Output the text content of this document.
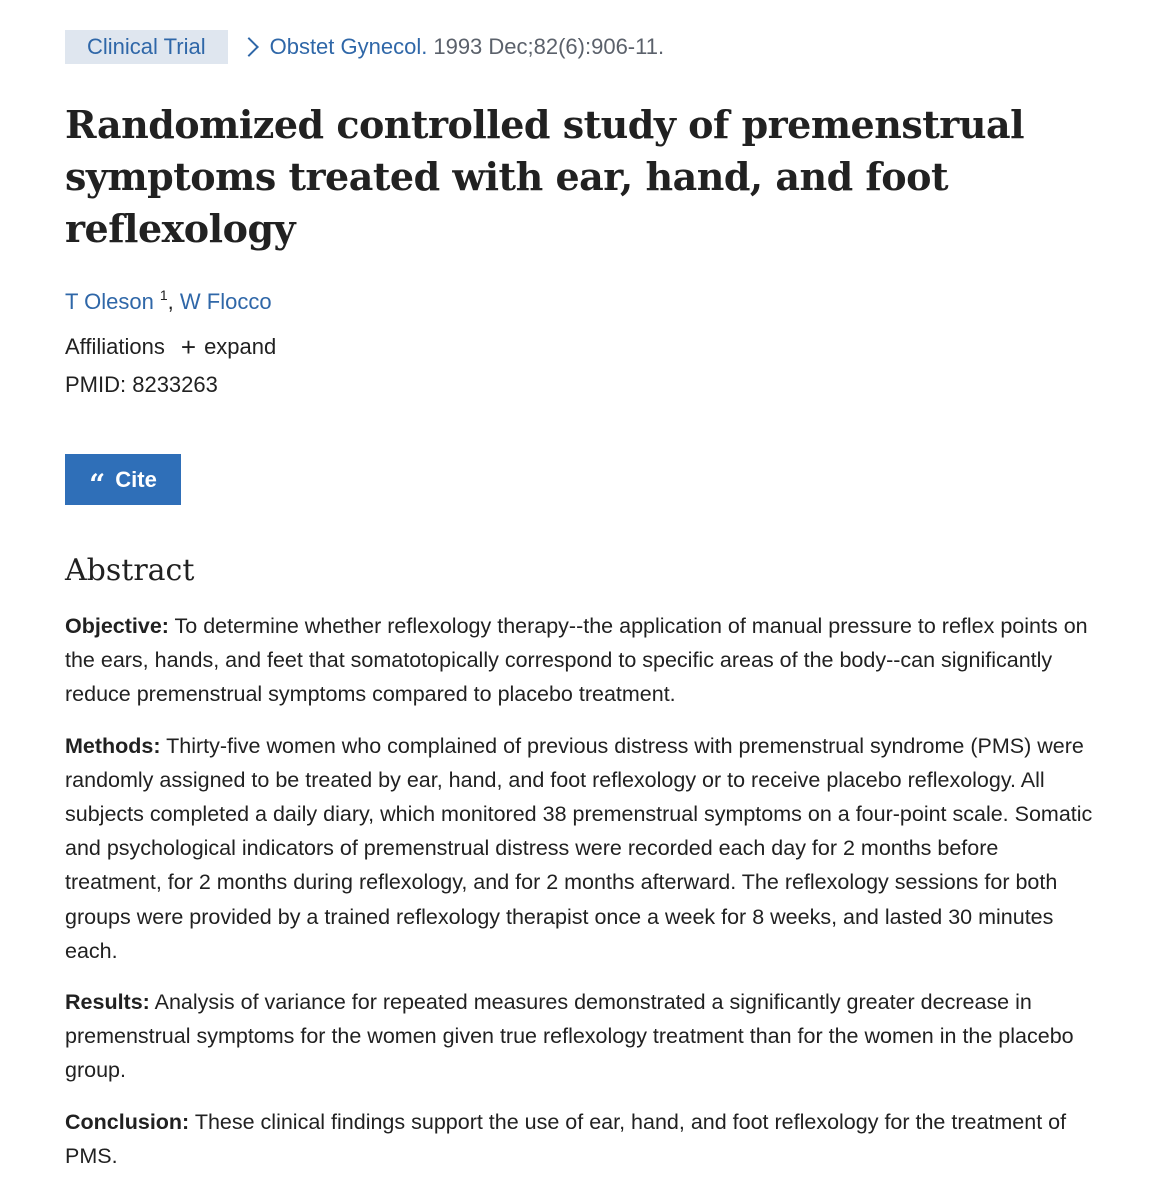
Clinical Trial	Obstet Gynecol. 1993 Dec;82(6):906-11.
Randomized controlled study of premenstrual symptoms treated with ear, hand, and foot reflexology
T Oleson $^1$, W Flocco
Affiliations + expand
PMID: 8233263
“ Cite
Abstract

Objective: To determine whether reflexology therapy--the application of manual pressure to reflex points on the ears, hands, and feet that somatotopically correspond to specific areas of the body--can significantly reduce premenstrual symptoms compared to placebo treatment.

Methods: Thirty-five women who complained of previous distress with premenstrual syndrome (PMS) were randomly assigned to be treated by ear, hand, and foot reflexology or to receive placebo reflexology. All subjects completed a daily diary, which monitored 38 premenstrual symptoms on a four-point scale. Somatic and psychological indicators of premenstrual distress were recorded each day for 2 months before treatment, for 2 months during reflexology, and for 2 months afterward. The reflexology sessions for both groups were provided by a trained reflexology therapist once a week for 8 weeks, and lasted 30 minutes each.

Results: Analysis of variance for repeated measures demonstrated a significantly greater decrease in premenstrual symptoms for the women given true reflexology treatment than for the women in the placebo group.

Conclusion: These clinical findings support the use of ear, hand, and foot reflexology for the treatment of PMS.
